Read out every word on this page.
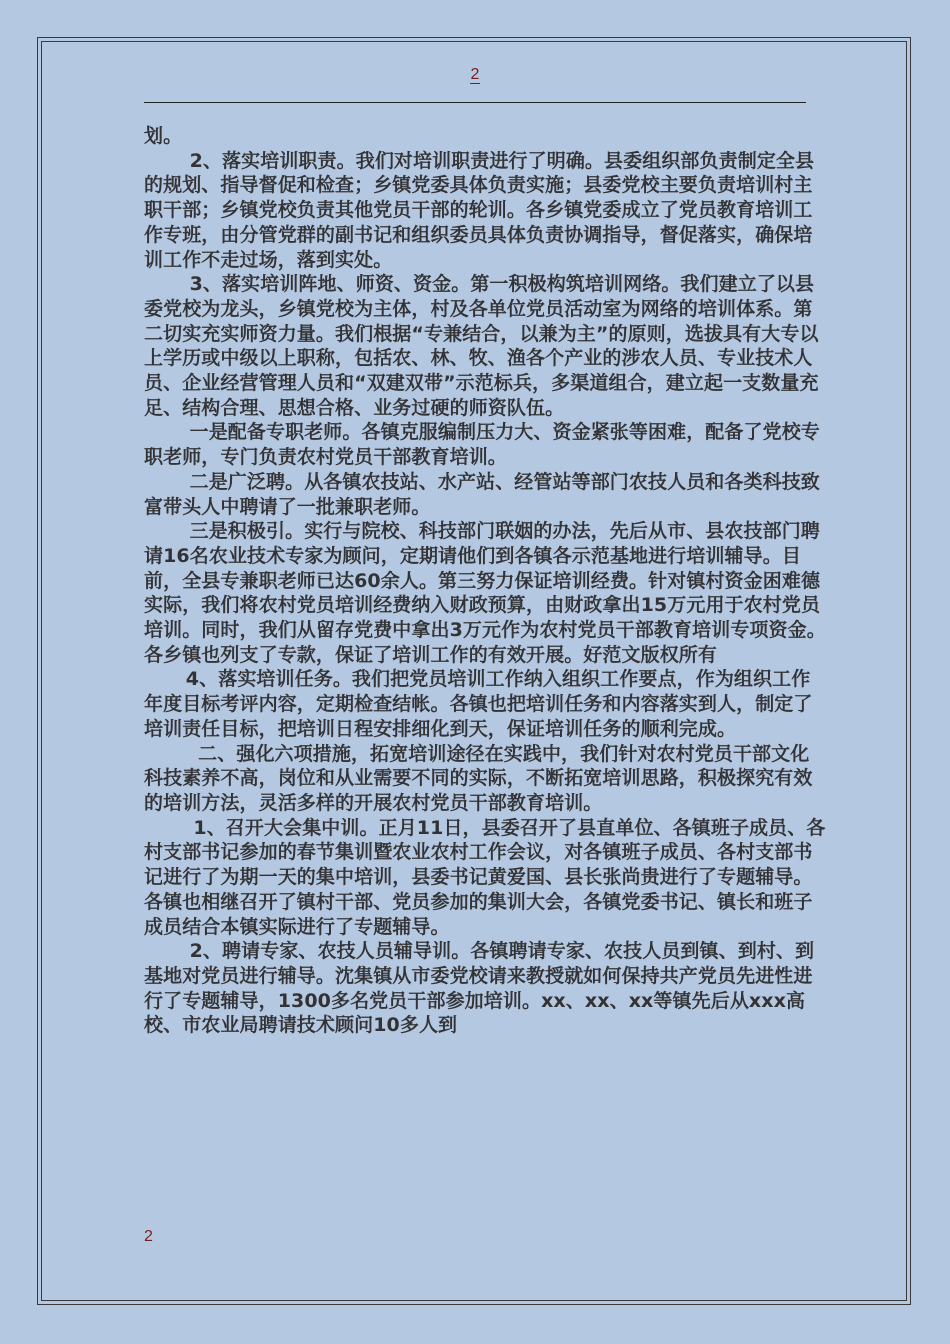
2

划。

2、落实培训职责。我们对培训职责进行了明确。县委组织部负责制定全县的规划、指导督促和检查；乡镇党委具体负责实施；县委党校主要负责培训村主职干部；乡镇党校负责其他党员干部的轮训。各乡镇党委成立了党员教育培训工作专班，由分管党群的副书记和组织委员具体负责协调指导，督促落实，确保培训工作不走过场，落到实处。

3、落实培训阵地、师资、资金。第一积极构筑培训网络。我们建立了以县委党校为龙头，乡镇党校为主体，村及各单位党员活动室为网络的培训体系。第二切实充实师资力量。我们根据“专兼结合，以兼为主”的原则，选拔具有大专以上学历或中级以上职称，包括农、林、牧、渔各个产业的涉农人员、专业技术人员、企业经营管理人员和“双建双带”示范标兵，多渠道组合，建立起一支数量充足、结构合理、思想合格、业务过硬的师资队伍。

一是配备专职老师。各镇克服编制压力大、资金紧张等困难，配备了党校专职老师，专门负责农村党员干部教育培训。

二是广泛聘。从各镇农技站、水产站、经管站等部门农技人员和各类科技致富带头人中聘请了一批兼职老师。

三是积极引。实行与院校、科技部门联姻的办法，先后从市、县农技部门聘请16名农业技术专家为顾问，定期请他们到各镇各示范基地进行培训辅导。目前，全县专兼职老师已达60余人。第三努力保证培训经费。针对镇村资金困难德实际，我们将农村党员培训经费纳入财政预算，由财政拿出15万元用于农村党员培训。同时，我们从留存党费中拿出3万元作为农村党员干部教育培训专项资金。各乡镇也列支了专款，保证了培训工作的有效开展。好范文版权所有

4、落实培训任务。我们把党员培训工作纳入组织工作要点，作为组织工作年度目标考评内容，定期检查结帐。各镇也把培训任务和内容落实到人，制定了培训责任目标，把培训日程安排细化到天，保证培训任务的顺利完成。

二、强化六项措施，拓宽培训途径在实践中，我们针对农村党员干部文化科技素养不高，岗位和从业需要不同的实际，不断拓宽培训思路，积极探究有效的培训方法，灵活多样的开展农村党员干部教育培训。

1、召开大会集中训。正月11日，县委召开了县直单位、各镇班子成员、各村支部书记参加的春节集训暨农业农村工作会议，对各镇班子成员、各村支部书记进行了为期一天的集中培训，县委书记黄爱国、县长张尚贵进行了专题辅导。各镇也相继召开了镇村干部、党员参加的集训大会，各镇党委书记、镇长和班子成员结合本镇实际进行了专题辅导。

2、聘请专家、农技人员辅导训。各镇聘请专家、农技人员到镇、到村、到基地对党员进行辅导。沈集镇从市委党校请来教授就如何保持共产党员先进性进行了专题辅导，1300多名党员干部参加培训。xx、xx、xx等镇先后从xxx高校、市农业局聘请技术顾问10多人到

2
